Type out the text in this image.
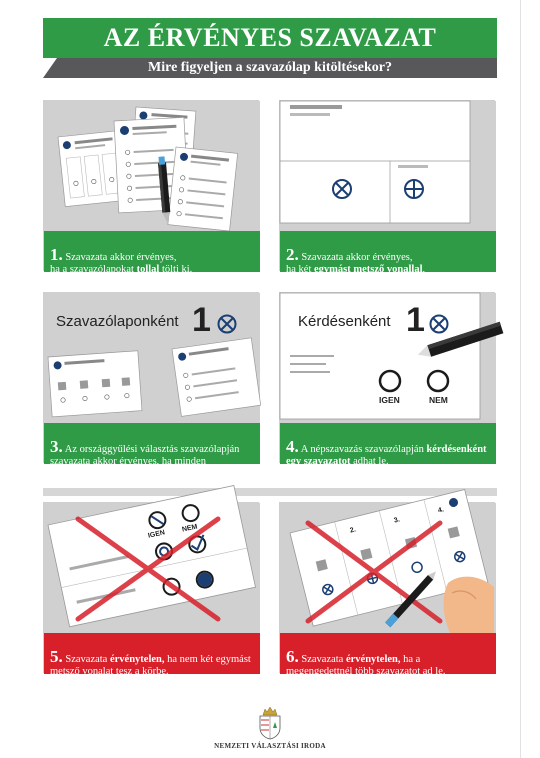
AZ ÉRVÉNYES SZAVAZAT
Mire figyeljen a szavazólap kitöltésekor?

1. Szavazata akkor érvényes,
ha a szavazólapokat tollal tölti ki.

2. Szavazata akkor érvényes,
ha két egymást metsző vonallal,
x vagy + jellel szavaz.

Szavazólaponként 1

3. Az országgyűlési választás szavazólapján szavazata akkor érvényes, ha minden szavazólapon csak egy szavazatot helyez el.

Kérdésenként 1
IGEN	NEM

4. A népszavazás szavazólapján kérdésenként egy szavazatot adhat le.

IGEN
NEM

5. Szavazata érvénytelen, ha nem két egymást metsző vonalat tesz a körbe.

2.
3.
4.

6. Szavazata érvénytelen, ha a megengedettnél több szavazatot ad le.

NEMZETI VÁLASZTÁSI IRODA
